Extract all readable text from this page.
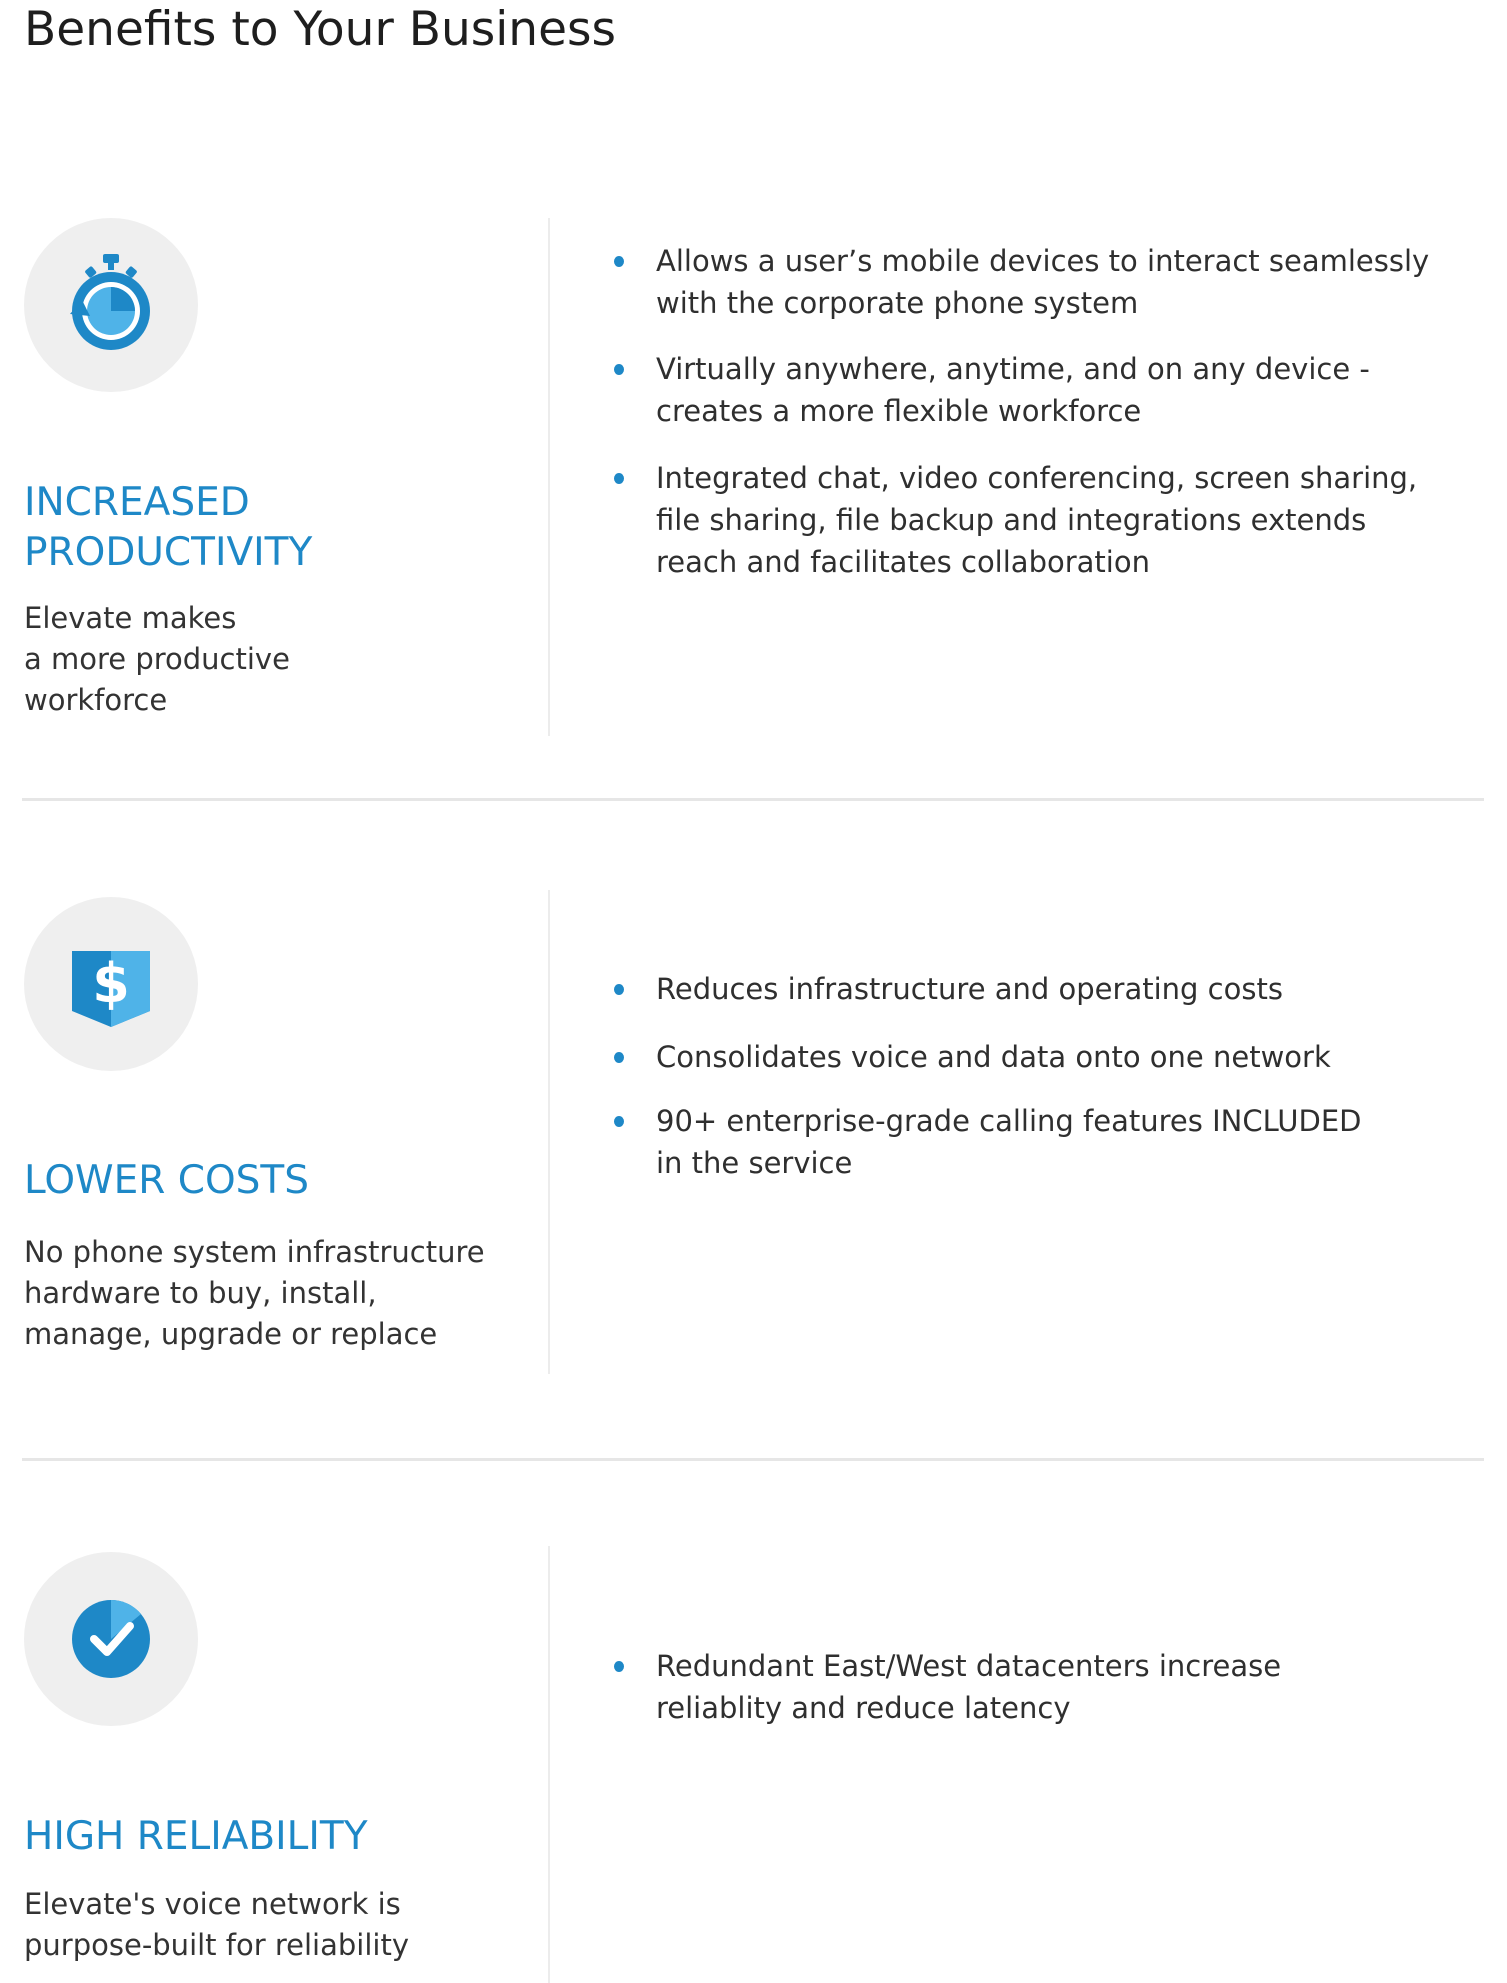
Benefits to Your Business
INCREASED
PRODUCTIVITY

Elevate makes
a more productive
workforce

Allows a user’s mobile devices to interact seamlessly
with the corporate phone system
Virtually anywhere, anytime, and on any device -
creates a more flexible workforce
Integrated chat, video conferencing, screen sharing,
file sharing, file backup and integrations extends
reach and facilitates collaboration
$
LOWER COSTS

No phone system infrastructure
hardware to buy, install,
manage, upgrade or replace

Reduces infrastructure and operating costs
Consolidates voice and data onto one network
90+ enterprise-grade calling features INCLUDED
in the service
HIGH RELIABILITY

Elevate's voice network is
purpose-built for reliability

Redundant East/West datacenters increase
reliablity and reduce latency
